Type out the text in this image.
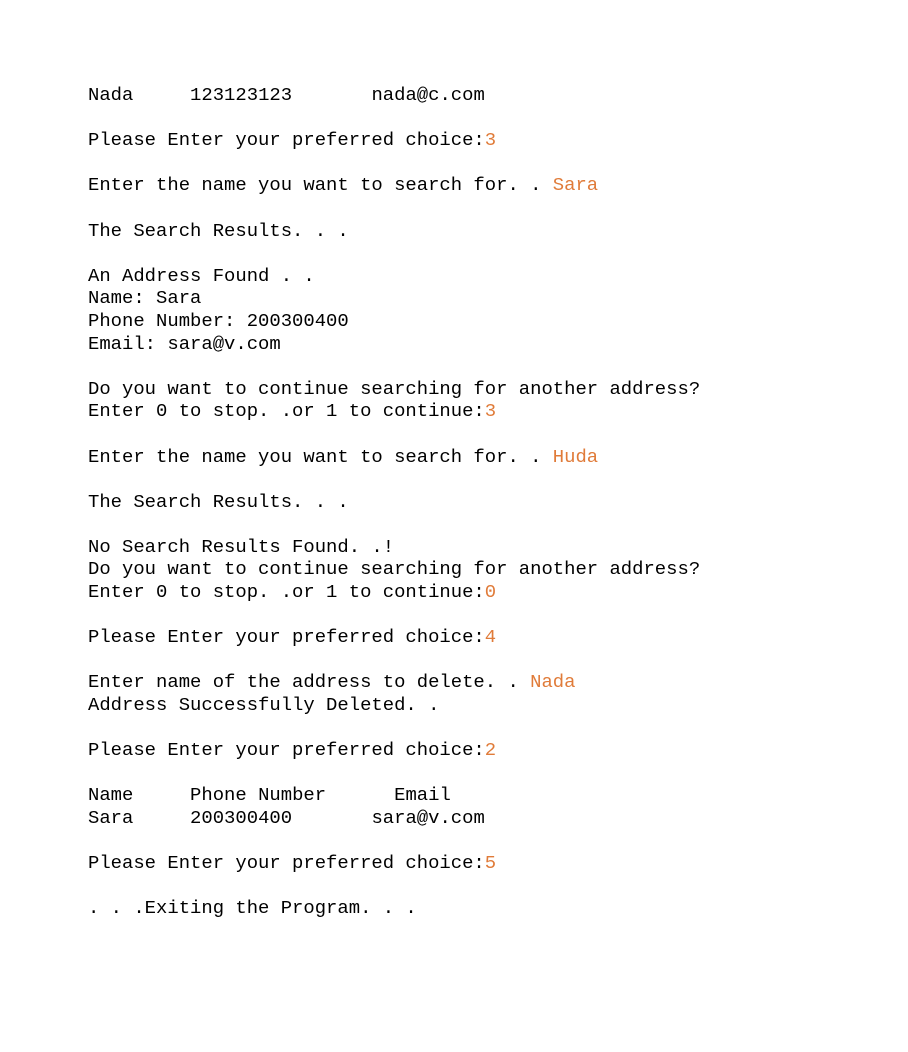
Nada	123123123	nada@c.com
Please Enter your preferred choice:3
Enter the name you want to search for. . Sara
The Search Results. . .
An Address Found . .
Name: Sara
Phone Number: 200300400
Email: sara@v.com
Do you want to continue searching for another address?
Enter 0 to stop. .or 1 to continue:3
Enter the name you want to search for. . Huda
The Search Results. . .
No Search Results Found. .!
Do you want to continue searching for another address?
Enter 0 to stop. .or 1 to continue:0
Please Enter your preferred choice:4
Enter name of the address to delete. . Nada
Address Successfully Deleted. .
Please Enter your preferred choice:2
Name	Phone Number	Email
Sara	200300400	sara@v.com
Please Enter your preferred choice:5
. . .Exiting the Program. . .
